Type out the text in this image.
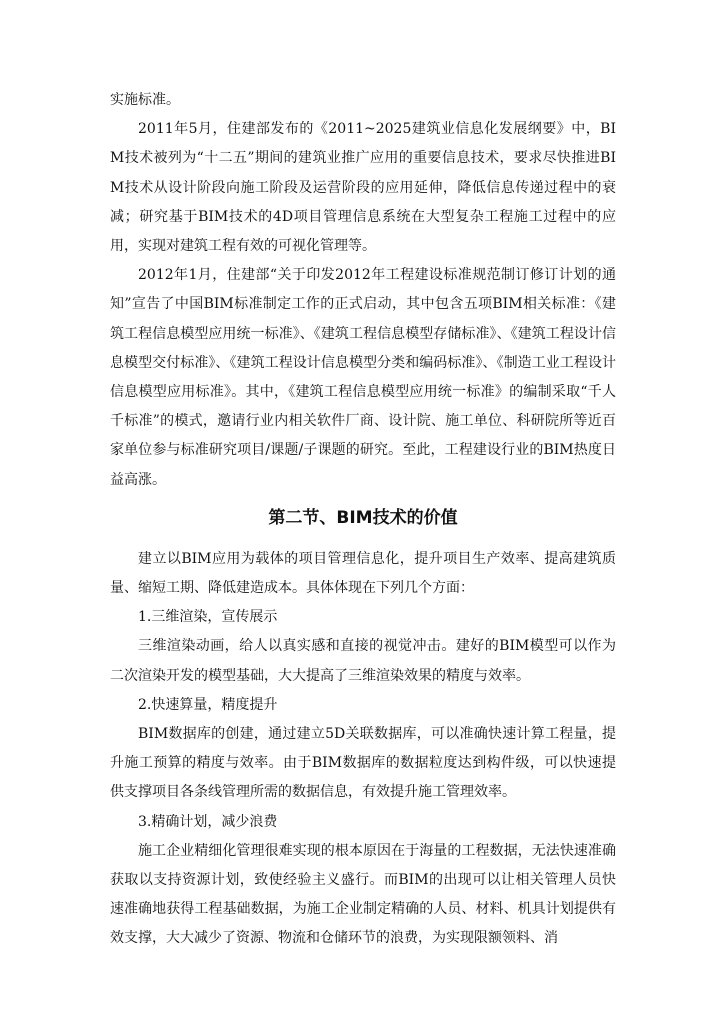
实施标准。

2011年5月，住建部发布的《2011~2025建筑业信息化发展纲要》中，BIM技术被列为“十二五”期间的建筑业推广应用的重要信息技术，要求尽快推进BIM技术从设计阶段向施工阶段及运营阶段的应用延伸，降低信息传递过程中的衰减；研究基于BIM技术的4D项目管理信息系统在大型复杂工程施工过程中的应用，实现对建筑工程有效的可视化管理等。

2012年1月，住建部“关于印发2012年工程建设标准规范制订修订计划的通知”宣告了中国BIM标准制定工作的正式启动，其中包含五项BIM相关标准：《建筑工程信息模型应用统一标准》、《建筑工程信息模型存储标准》、《建筑工程设计信息模型交付标准》、《建筑工程设计信息模型分类和编码标准》、《制造工业工程设计信息模型应用标准》。其中，《建筑工程信息模型应用统一标准》的编制采取“千人千标准”的模式，邀请行业内相关软件厂商、设计院、施工单位、科研院所等近百家单位参与标准研究项目/课题/子课题的研究。至此，工程建设行业的BIM热度日益高涨。

第二节、BIM技术的价值

建立以BIM应用为载体的项目管理信息化，提升项目生产效率、提高建筑质量、缩短工期、降低建造成本。具体体现在下列几个方面：

1.三维渲染，宣传展示

三维渲染动画，给人以真实感和直接的视觉冲击。建好的BIM模型可以作为二次渲染开发的模型基础，大大提高了三维渲染效果的精度与效率。

2.快速算量，精度提升

BIM数据库的创建，通过建立5D关联数据库，可以准确快速计算工程量，提升施工预算的精度与效率。由于BIM数据库的数据粒度达到构件级，可以快速提供支撑项目各条线管理所需的数据信息，有效提升施工管理效率。

3.精确计划，减少浪费

施工企业精细化管理很难实现的根本原因在于海量的工程数据，无法快速准确获取以支持资源计划，致使经验主义盛行。而BIM的出现可以让相关管理人员快速准确地获得工程基础数据，为施工企业制定精确的人员、材料、机具计划提供有效支撑，大大减少了资源、物流和仓储环节的浪费，为实现限额领料、消
